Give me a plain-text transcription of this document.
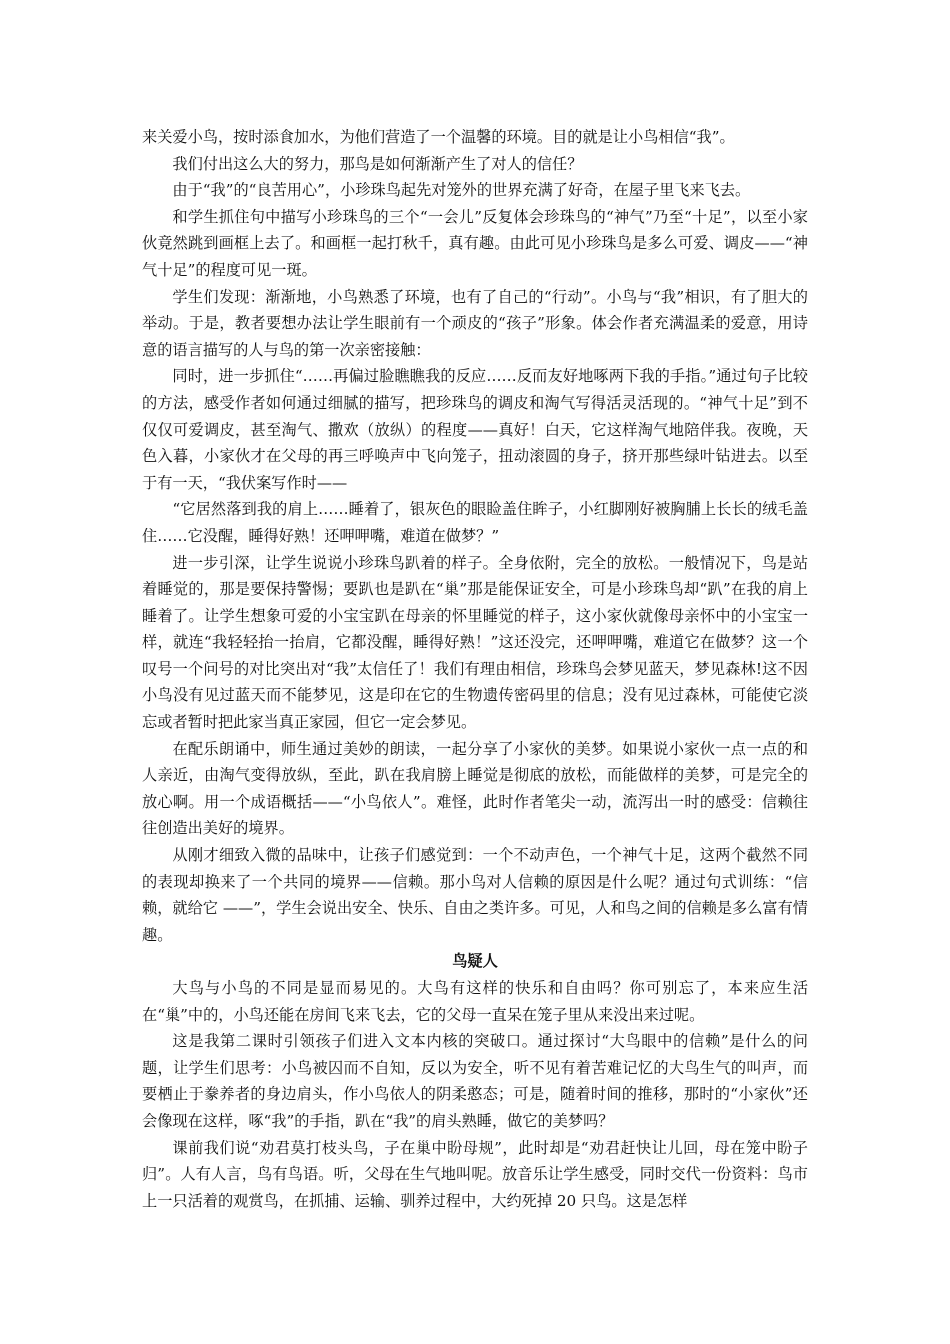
来关爱小鸟，按时添食加水，为他们营造了一个温馨的环境。目的就是让小鸟相信“我”。

我们付出这么大的努力，那鸟是如何渐渐产生了对人的信任？

由于“我”的“良苦用心”，小珍珠鸟起先对笼外的世界充满了好奇，在屋子里飞来飞去。

和学生抓住句中描写小珍珠鸟的三个“一会儿”反复体会珍珠鸟的“神气”乃至“十足”，以至小家伙竟然跳到画框上去了。和画框一起打秋千，真有趣。由此可见小珍珠鸟是多么可爱、调皮——“神气十足”的程度可见一斑。

学生们发现：渐渐地，小鸟熟悉了环境，也有了自己的“行动”。小鸟与“我”相识，有了胆大的举动。于是，教者要想办法让学生眼前有一个顽皮的“孩子”形象。体会作者充满温柔的爱意，用诗意的语言描写的人与鸟的第一次亲密接触：

同时，进一步抓住“……再偏过脸瞧瞧我的反应……反而友好地啄两下我的手指。”通过句子比较的方法，感受作者如何通过细腻的描写，把珍珠鸟的调皮和淘气写得活灵活现的。“神气十足”到不仅仅可爱调皮，甚至淘气、撒欢（放纵）的程度——真好！白天，它这样淘气地陪伴我。夜晚，天色入暮，小家伙才在父母的再三呼唤声中飞向笼子，扭动滚圆的身子，挤开那些绿叶钻进去。以至于有一天，“我伏案写作时——

“它居然落到我的肩上……睡着了，银灰色的眼睑盖住眸子，小红脚刚好被胸脯上长长的绒毛盖住……它没醒，睡得好熟！还呷呷嘴，难道在做梦？”

进一步引深，让学生说说小珍珠鸟趴着的样子。全身依附，完全的放松。一般情况下，鸟是站着睡觉的，那是要保持警惕；要趴也是趴在“巢”那是能保证安全，可是小珍珠鸟却“趴”在我的肩上睡着了。让学生想象可爱的小宝宝趴在母亲的怀里睡觉的样子，这小家伙就像母亲怀中的小宝宝一样，就连“我轻轻抬一抬肩，它都没醒，睡得好熟！”这还没完，还呷呷嘴，难道它在做梦？这一个叹号一个问号的对比突出对“我”太信任了！我们有理由相信，珍珠鸟会梦见蓝天，梦见森林!这不因小鸟没有见过蓝天而不能梦见，这是印在它的生物遗传密码里的信息；没有见过森林，可能使它淡忘或者暂时把此家当真正家园，但它一定会梦见。

在配乐朗诵中，师生通过美妙的朗读，一起分享了小家伙的美梦。如果说小家伙一点一点的和人亲近，由淘气变得放纵，至此，趴在我肩膀上睡觉是彻底的放松，而能做样的美梦，可是完全的放心啊。用一个成语概括——“小鸟依人”。难怪，此时作者笔尖一动，流泻出一时的感受：信赖往往创造出美好的境界。

从刚才细致入微的品味中，让孩子们感觉到：一个不动声色，一个神气十足，这两个截然不同的表现却换来了一个共同的境界——信赖。那小鸟对人信赖的原因是什么呢？通过句式训练：“信赖，就给它 ——”，学生会说出安全、快乐、自由之类许多。可见，人和鸟之间的信赖是多么富有情趣。

鸟疑人

大鸟与小鸟的不同是显而易见的。大鸟有这样的快乐和自由吗？你可别忘了，本来应生活在“巢”中的，小鸟还能在房间飞来飞去，它的父母一直呆在笼子里从来没出来过呢。

这是我第二课时引领孩子们进入文本内核的突破口。通过探讨“大鸟眼中的信赖”是什么的问题，让学生们思考：小鸟被囚而不自知，反以为安全，听不见有着苦难记忆的大鸟生气的叫声，而要栖止于豢养者的身边肩头，作小鸟依人的阴柔憨态；可是，随着时间的推移，那时的“小家伙”还会像现在这样，啄“我”的手指，趴在“我”的肩头熟睡，做它的美梦吗？

课前我们说“劝君莫打枝头鸟，子在巢中盼母规”，此时却是“劝君赶快让儿回，母在笼中盼子归”。人有人言，鸟有鸟语。听，父母在生气地叫呢。放音乐让学生感受，同时交代一份资料：鸟市上一只活着的观赏鸟，在抓捕、运输、驯养过程中，大约死掉 20 只鸟。这是怎样
